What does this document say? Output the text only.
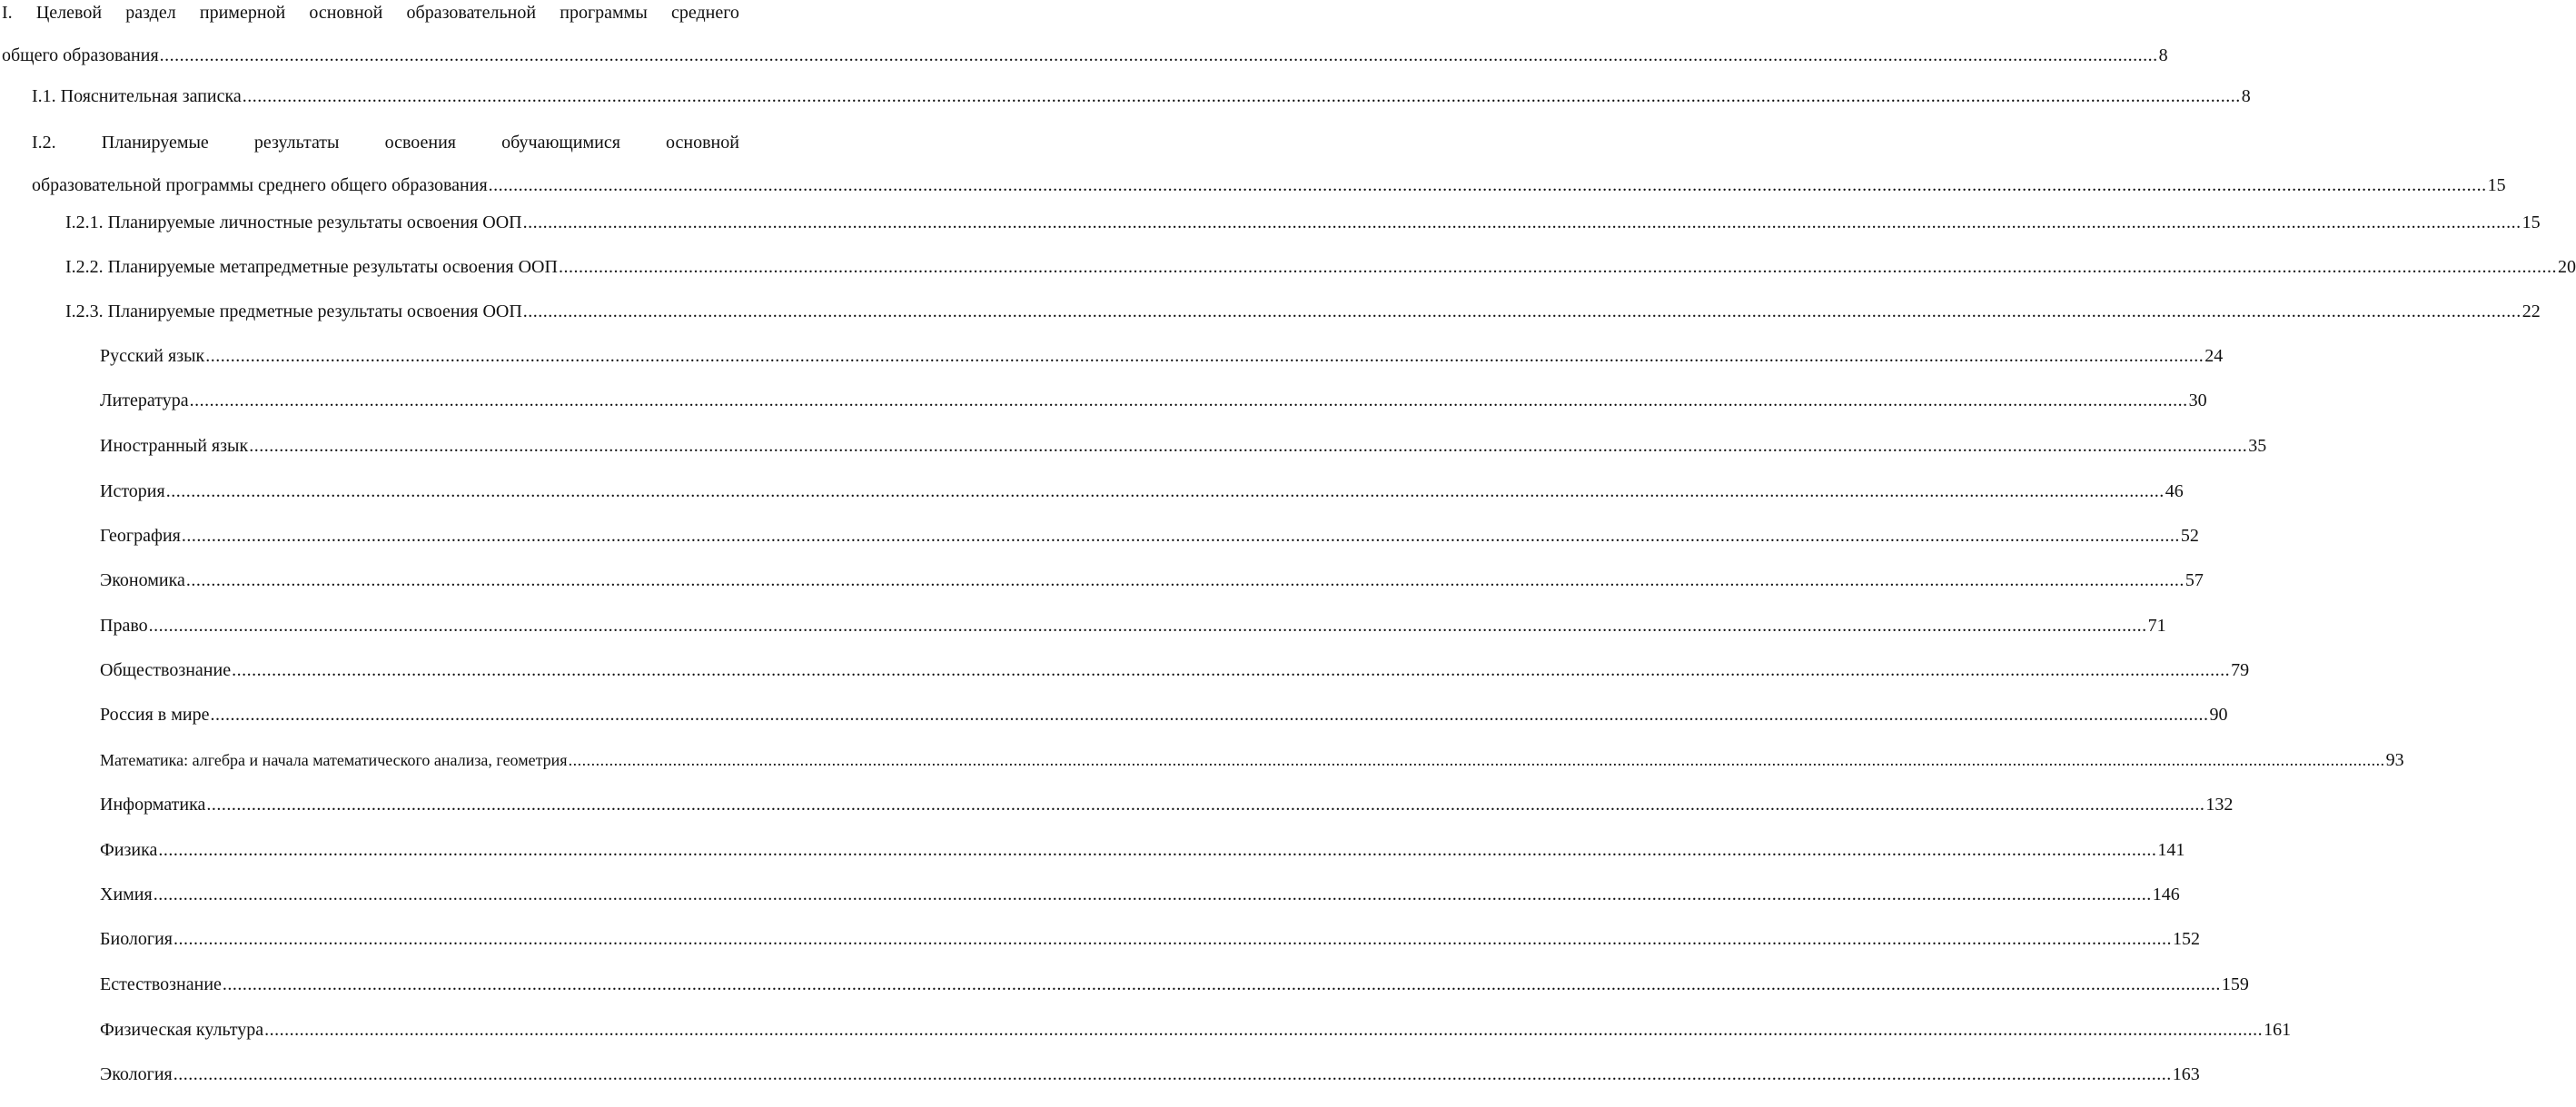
I. Целевой раздел примерной основной образовательной программы среднего
общего образования ................................................................................................................................................................................................................................................................................................................................................................................................................ 8
I.1. Пояснительная записка ................................................................................................................................................................................................................................................................................................................................................................................................................ 8
I.2.	Планируемые	результаты	освоения	обучающимися	основной
образовательной программы среднего общего образования ................................................................................................................................................................................................................................................................................................................................................................................................................ 15
I.2.1. Планируемые личностные результаты освоения ООП ................................................................................................................................................................................................................................................................................................................................................................................................................ 15
I.2.2. Планируемые метапредметные результаты освоения ООП ................................................................................................................................................................................................................................................................................................................................................................................................................ 20
I.2.3. Планируемые предметные результаты освоения ООП ................................................................................................................................................................................................................................................................................................................................................................................................................ 22
Русский язык ................................................................................................................................................................................................................................................................................................................................................................................................................ 24
Литература ................................................................................................................................................................................................................................................................................................................................................................................................................ 30
Иностранный язык ................................................................................................................................................................................................................................................................................................................................................................................................................ 35
История ................................................................................................................................................................................................................................................................................................................................................................................................................ 46
География ................................................................................................................................................................................................................................................................................................................................................................................................................ 52
Экономика ................................................................................................................................................................................................................................................................................................................................................................................................................ 57
Право ................................................................................................................................................................................................................................................................................................................................................................................................................ 71
Обществознание ................................................................................................................................................................................................................................................................................................................................................................................................................ 79
Россия в мире ................................................................................................................................................................................................................................................................................................................................................................................................................ 90
Математика: алгебра и начала математического анализа, геометрия ................................................................................................................................................................................................................................................................................................................................................................................................................ 93
Информатика ................................................................................................................................................................................................................................................................................................................................................................................................................ 132
Физика ................................................................................................................................................................................................................................................................................................................................................................................................................ 141
Химия ................................................................................................................................................................................................................................................................................................................................................................................................................ 146
Биология ................................................................................................................................................................................................................................................................................................................................................................................................................ 152
Естествознание ................................................................................................................................................................................................................................................................................................................................................................................................................ 159
Физическая культура ................................................................................................................................................................................................................................................................................................................................................................................................................ 161
Экология ................................................................................................................................................................................................................................................................................................................................................................................................................ 163
